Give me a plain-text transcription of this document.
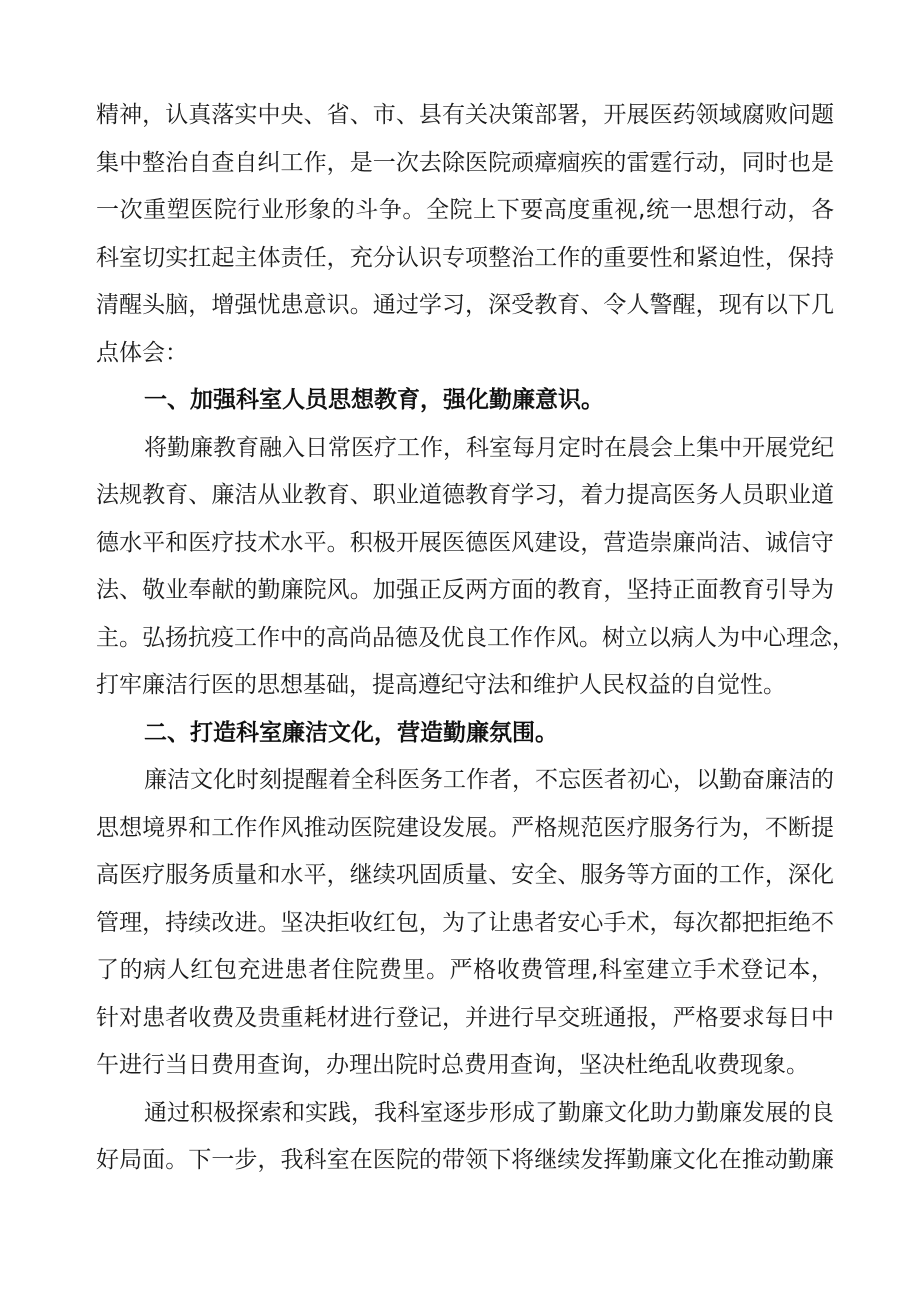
精神，认真落实中央、省、市、县有关决策部署，开展医药领域腐败问题
集中整治自查自纠工作，是一次去除医院顽瘴痼疾的雷霆行动，同时也是
一次重塑医院行业形象的斗争。全院上下要高度重视,统一思想行动，各
科室切实扛起主体责任，充分认识专项整治工作的重要性和紧迫性，保持
清醒头脑，增强忧患意识。通过学习，深受教育、令人警醒，现有以下几
点体会：
一、加强科室人员思想教育，强化勤廉意识。
将勤廉教育融入日常医疗工作，科室每月定时在晨会上集中开展党纪
法规教育、廉洁从业教育、职业道德教育学习，着力提高医务人员职业道
德水平和医疗技术水平。积极开展医德医风建设，营造崇廉尚洁、诚信守
法、敬业奉献的勤廉院风。加强正反两方面的教育，坚持正面教育引导为
主。弘扬抗疫工作中的高尚品德及优良工作作风。树立以病人为中心理念，
打牢廉洁行医的思想基础，提高遵纪守法和维护人民权益的自觉性。
二、打造科室廉洁文化，营造勤廉氛围。
廉洁文化时刻提醒着全科医务工作者，不忘医者初心，以勤奋廉洁的
思想境界和工作作风推动医院建设发展。严格规范医疗服务行为，不断提
高医疗服务质量和水平，继续巩固质量、安全、服务等方面的工作，深化
管理，持续改进。坚决拒收红包，为了让患者安心手术，每次都把拒绝不
了的病人红包充进患者住院费里。严格收费管理,科室建立手术登记本，
针对患者收费及贵重耗材进行登记，并进行早交班通报，严格要求每日中
午进行当日费用查询，办理出院时总费用查询，坚决杜绝乱收费现象。
通过积极探索和实践，我科室逐步形成了勤廉文化助力勤廉发展的良
好局面。下一步，我科室在医院的带领下将继续发挥勤廉文化在推动勤廉
